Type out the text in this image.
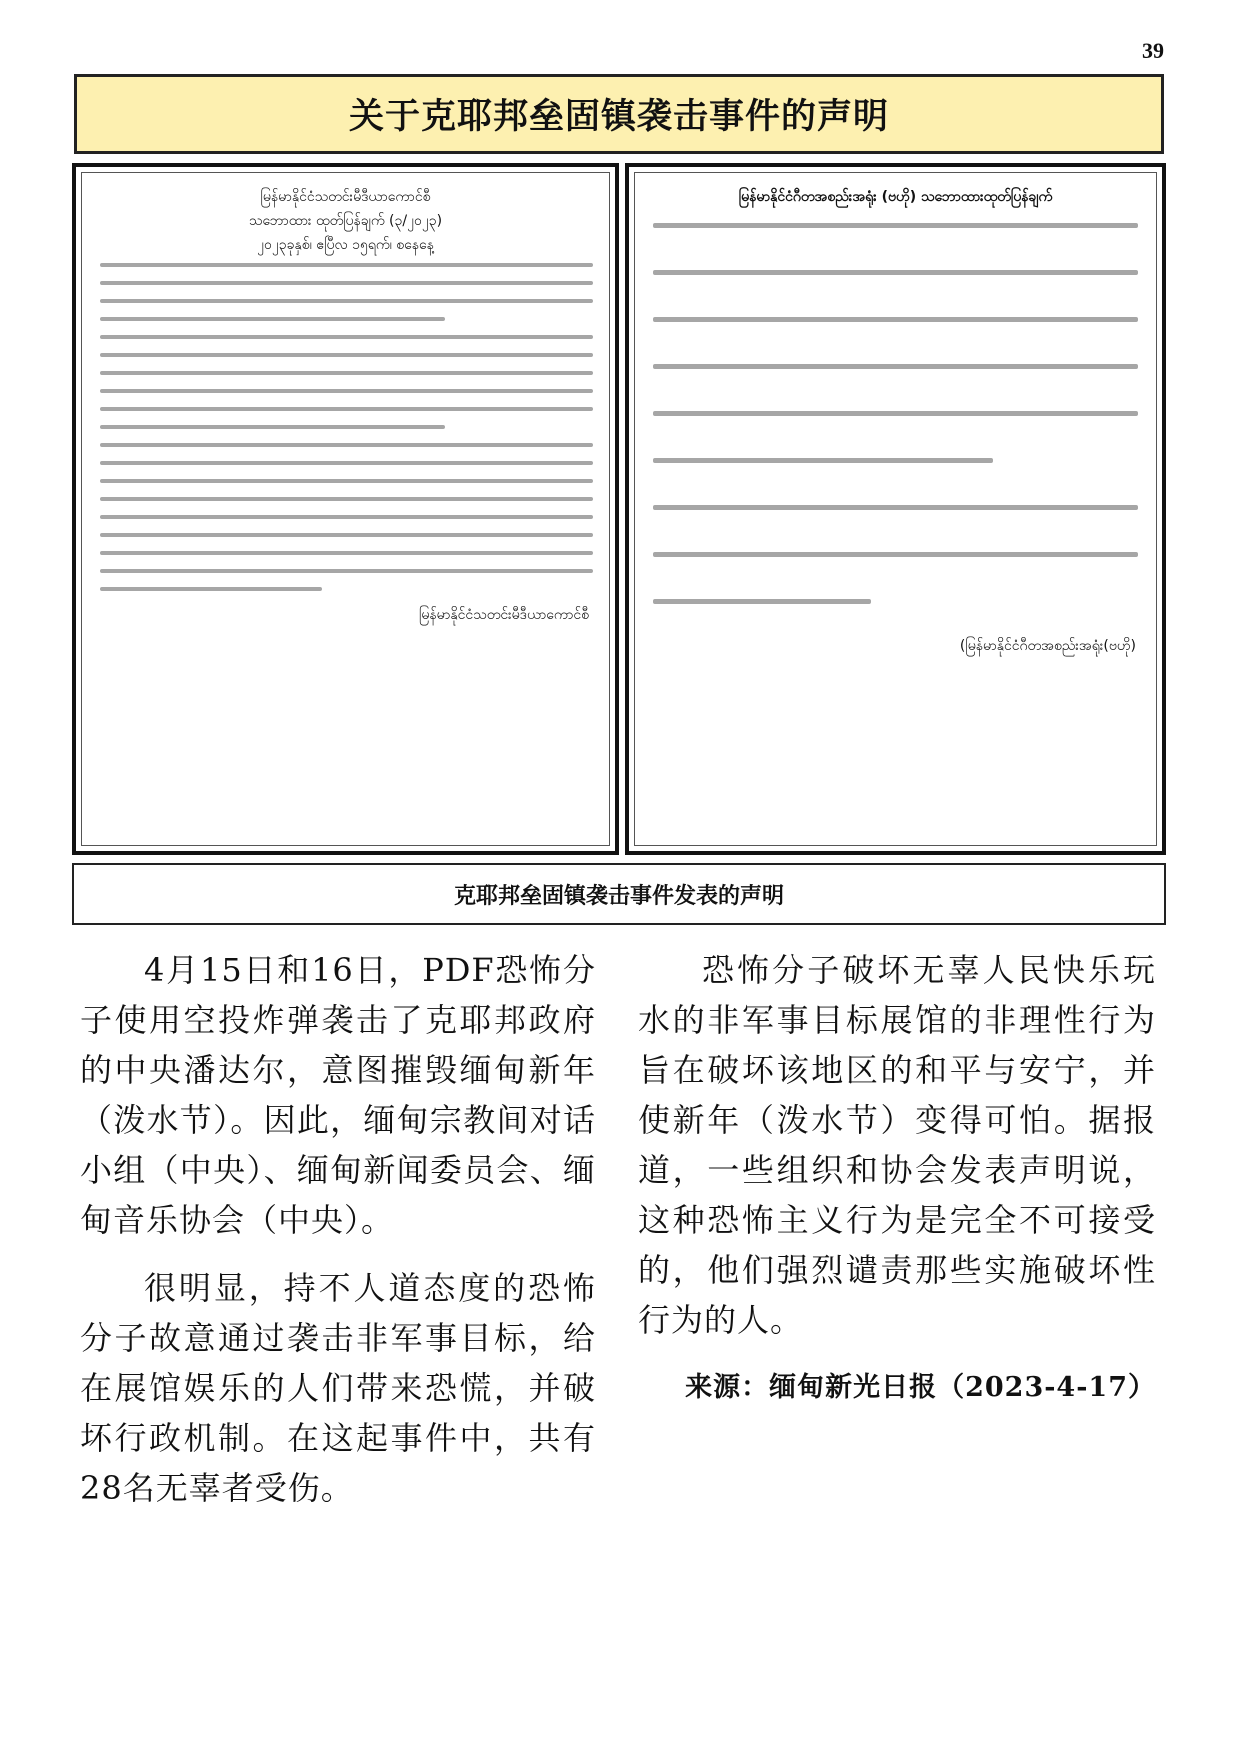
39
关于克耶邦垒固镇袭击事件的声明
မြန်မာနိုင်ငံသတင်းမီဒီယာကောင်စီ
သဘောထား ထုတ်ပြန်ချက် (၃/၂၀၂၃)
၂၀၂၃ခုနှစ်၊ ဧပြီလ ၁၅ရက်၊ စနေနေ့
မြန်မာနိုင်ငံသတင်းမီဒီယာကောင်စီ
မြန်မာနိုင်ငံဂီတအစည်းအရုံး (ဗဟို) သဘောထားထုတ်ပြန်ချက်
(မြန်မာနိုင်ငံဂီတအစည်းအရုံး(ဗဟို)
克耶邦垒固镇袭击事件发表的声明

4月15日和16日，PDF恐怖分子使用空投炸弹袭击了克耶邦政府的中央潘达尔，意图摧毁缅甸新年（泼水节）。因此，缅甸宗教间对话小组（中央）、缅甸新闻委员会、缅甸音乐协会（中央）。

很明显，持不人道态度的恐怖分子故意通过袭击非军事目标，给在展馆娱乐的人们带来恐慌，并破坏行政机制。在这起事件中，共有28名无辜者受伤。

恐怖分子破坏无辜人民快乐玩水的非军事目标展馆的非理性行为旨在破坏该地区的和平与安宁，并使新年（泼水节）变得可怕。据报道，一些组织和协会发表声明说，这种恐怖主义行为是完全不可接受的，他们强烈谴责那些实施破坏性行为的人。

来源：缅甸新光日报（2023-4-17）
